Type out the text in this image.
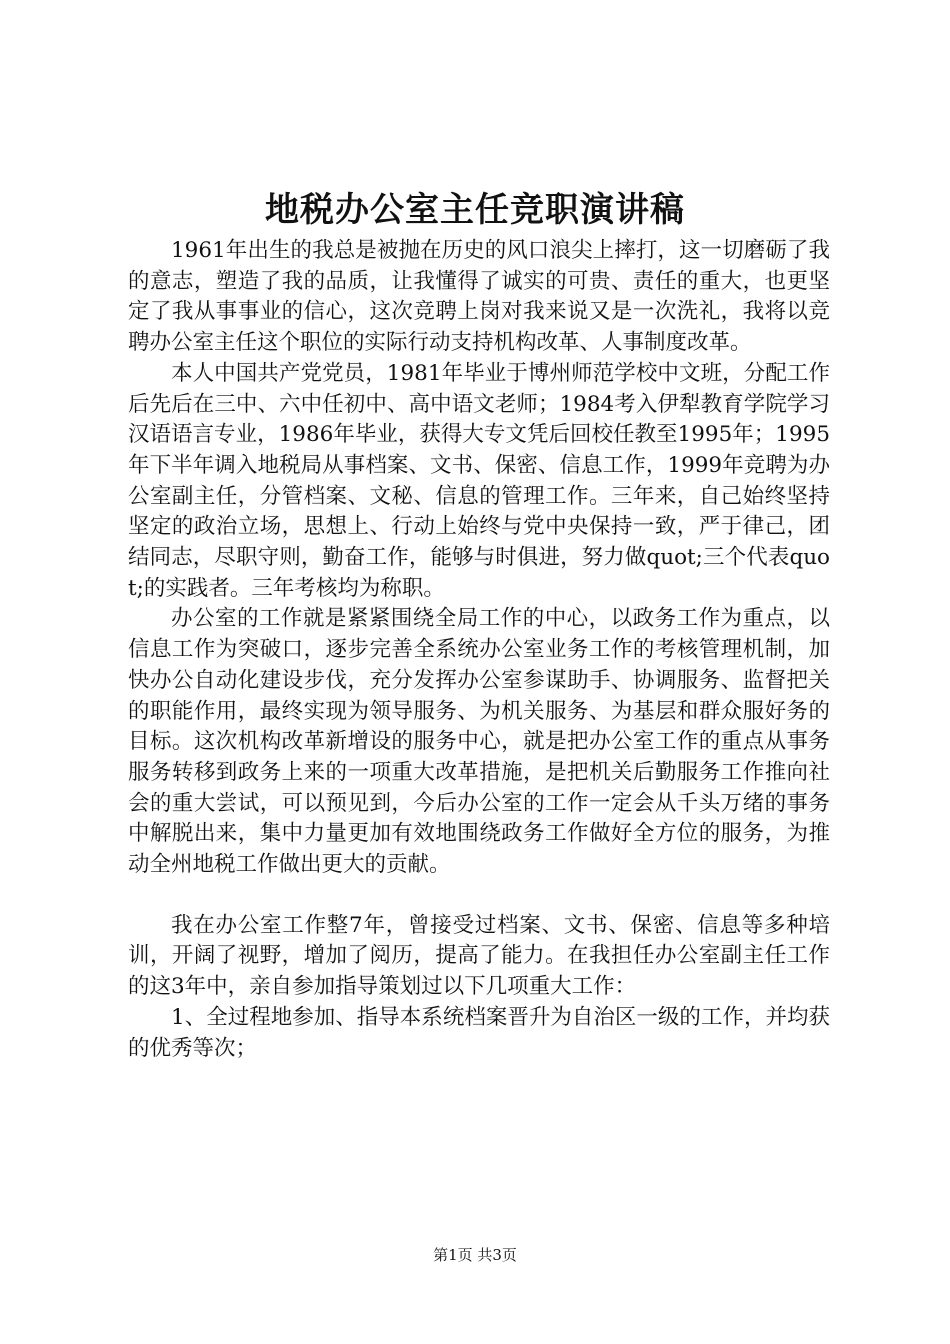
地税办公室主任竞职演讲稿

1961年出生的我总是被抛在历史的风口浪尖上摔打，这一切磨砺了我的意志，塑造了我的品质，让我懂得了诚实的可贵、责任的重大，也更坚定了我从事事业的信心，这次竞聘上岗对我来说又是一次洗礼，我将以竞聘办公室主任这个职位的实际行动支持机构改革、人事制度改革。

本人中国共产党党员，1981年毕业于博州师范学校中文班，分配工作后先后在三中、六中任初中、高中语文老师；1984考入伊犁教育学院学习汉语语言专业，1986年毕业，获得大专文凭后回校任教至1995年；1995年下半年调入地税局从事档案、文书、保密、信息工作，1999年竞聘为办公室副主任，分管档案、文秘、信息的管理工作。三年来，自己始终坚持坚定的政治立场，思想上、行动上始终与党中央保持一致，严于律己，团结同志，尽职守则，勤奋工作，能够与时俱进，努力做quot;三个代表quot;的实践者。三年考核均为称职。

办公室的工作就是紧紧围绕全局工作的中心，以政务工作为重点，以信息工作为突破口，逐步完善全系统办公室业务工作的考核管理机制，加快办公自动化建设步伐，充分发挥办公室参谋助手、协调服务、监督把关的职能作用，最终实现为领导服务、为机关服务、为基层和群众服好务的目标。这次机构改革新增设的服务中心，就是把办公室工作的重点从事务服务转移到政务上来的一项重大改革措施，是把机关后勤服务工作推向社会的重大尝试，可以预见到，今后办公室的工作一定会从千头万绪的事务中解脱出来，集中力量更加有效地围绕政务工作做好全方位的服务，为推动全州地税工作做出更大的贡献。

我在办公室工作整7年，曾接受过档案、文书、保密、信息等多种培训，开阔了视野，增加了阅历，提高了能力。在我担任办公室副主任工作的这3年中，亲自参加指导策划过以下几项重大工作：

1、全过程地参加、指导本系统档案晋升为自治区一级的工作，并均获的优秀等次；

第1页 共3页
